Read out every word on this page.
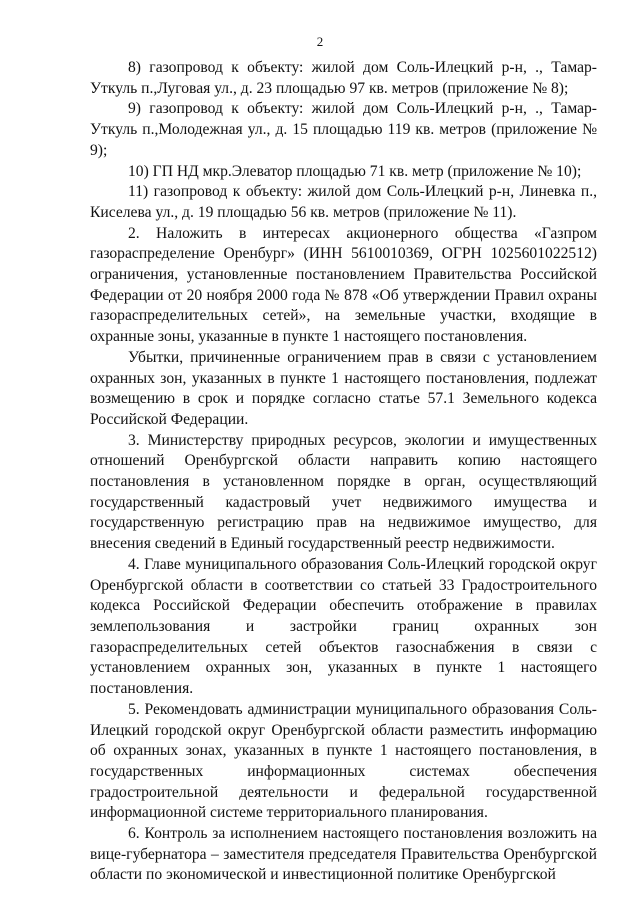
2

8) газопровод к объекту: жилой дом Соль-Илецкий р-н, ., Тамар-Уткуль п.,Луговая ул., д. 23 площадью 97 кв. метров (приложение № 8);

9) газопровод к объекту: жилой дом Соль-Илецкий р-н, ., Тамар-Уткуль п.,Молодежная ул., д. 15 площадью 119 кв. метров (приложение № 9);

10) ГП НД мкр.Элеватор площадью 71 кв. метр (приложение № 10);

11) газопровод к объекту: жилой дом Соль-Илецкий р-н, Линевка п., Киселева ул., д. 19 площадью 56 кв. метров (приложение № 11).

2. Наложить в интересах акционерного общества «Газпром газораспределение Оренбург» (ИНН 5610010369, ОГРН 1025601022512) ограничения, установленные постановлением Правительства Российской Федерации от 20 ноября 2000 года № 878 «Об утверждении Правил охраны газораспределительных сетей», на земельные участки, входящие в охранные зоны, указанные в пункте 1 настоящего постановления.

Убытки, причиненные ограничением прав в связи с установлением охранных зон, указанных в пункте 1 настоящего постановления, подлежат возмещению в срок и порядке согласно статье 57.1 Земельного кодекса Российской Федерации.

3. Министерству природных ресурсов, экологии и имущественных отношений Оренбургской области направить копию настоящего постановления в установленном порядке в орган, осуществляющий государственный кадастровый учет недвижимого имущества и государственную регистрацию прав на недвижимое имущество, для внесения сведений в Единый государственный реестр недвижимости.

4. Главе муниципального образования Соль-Илецкий городской округ Оренбургской области в соответствии со статьей 33 Градостроительного кодекса Российской Федерации обеспечить отображение в правилах землепользования и застройки границ охранных зон газораспределительных сетей объектов газоснабжения в связи с установлением охранных зон, указанных в пункте 1 настоящего постановления.

5. Рекомендовать администрации муниципального образования Соль-Илецкий городской округ Оренбургской области разместить информацию об охранных зонах, указанных в пункте 1 настоящего постановления, в государственных информационных системах обеспечения градостроительной деятельности и федеральной государственной информационной системе территориального планирования.

6. Контроль за исполнением настоящего постановления возложить на вице-губернатора – заместителя председателя Правительства Оренбургской области по экономической и инвестиционной политике Оренбургской
